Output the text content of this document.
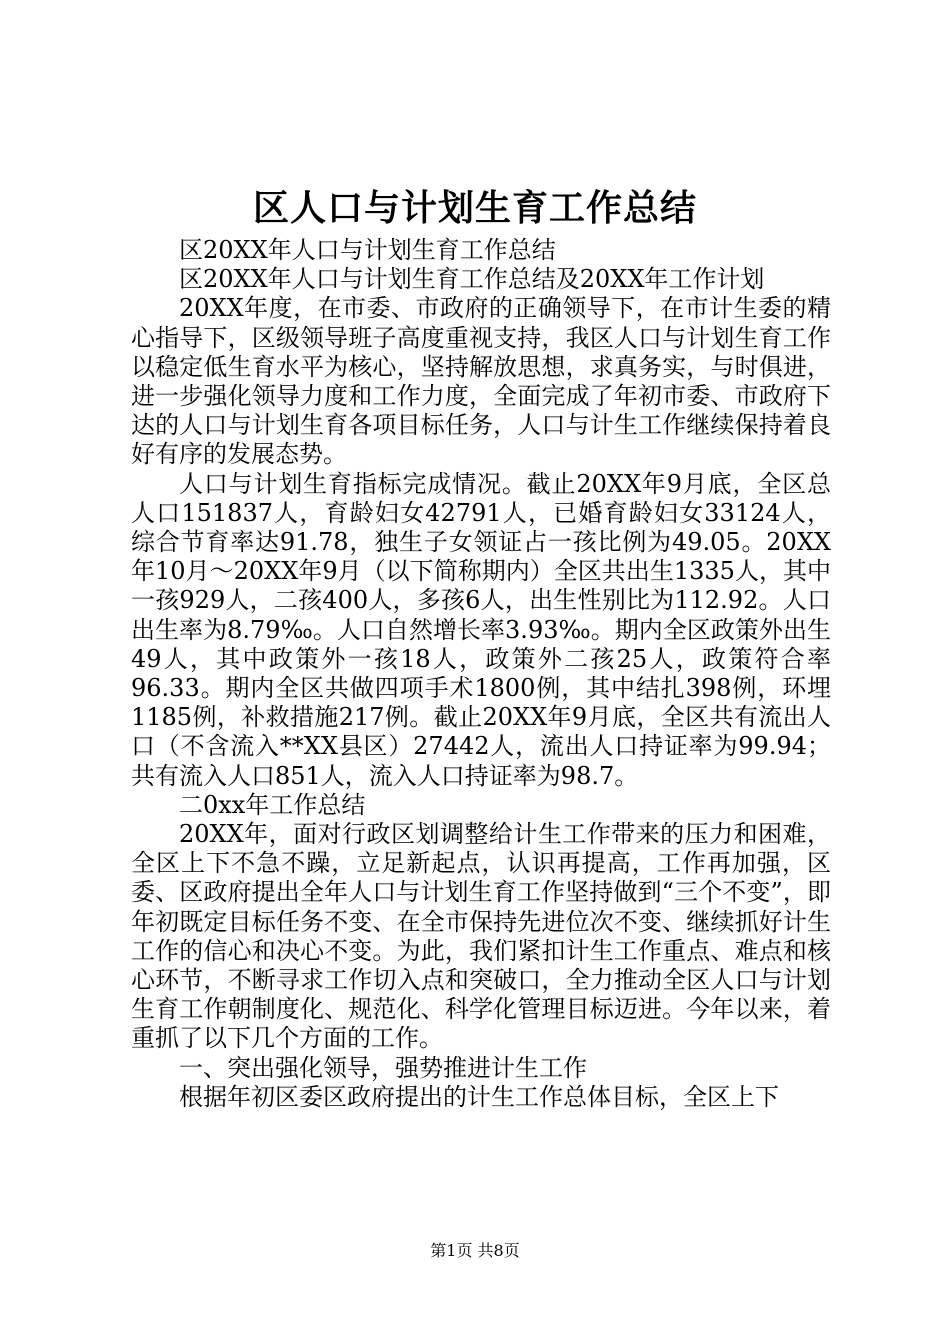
区人口与计划生育工作总结

区20XX年人口与计划生育工作总结

区20XX年人口与计划生育工作总结及20XX年工作计划

20XX年度，在市委、市政府的正确领导下，在市计生委的精心指导下，区级领导班子高度重视支持，我区人口与计划生育工作以稳定低生育水平为核心，坚持解放思想，求真务实，与时俱进，进一步强化领导力度和工作力度，全面完成了年初市委、市政府下达的人口与计划生育各项目标任务，人口与计生工作继续保持着良好有序的发展态势。

人口与计划生育指标完成情况。截止20XX年9月底，全区总人口151837人，育龄妇女42791人，已婚育龄妇女33124人，综合节育率达91.78，独生子女领证占一孩比例为49.05。20XX年10月～20XX年9月（以下简称期内）全区共出生1335人，其中一孩929人，二孩400人，多孩6人，出生性别比为112.92。人口出生率为8.79‰。人口自然增长率3.93‰。期内全区政策外出生49人，其中政策外一孩18人，政策外二孩25人，政策符合率96.33。期内全区共做四项手术1800例，其中结扎398例，环埋1185例，补救措施217例。截止20XX年9月底，全区共有流出人口（不含流入**XX县区）27442人，流出人口持证率为99.94；共有流入人口851人，流入人口持证率为98.7。

二0xx年工作总结

20XX年，面对行政区划调整给计生工作带来的压力和困难，全区上下不急不躁，立足新起点，认识再提高，工作再加强，区委、区政府提出全年人口与计划生育工作坚持做到“三个不变”，即年初既定目标任务不变、在全市保持先进位次不变、继续抓好计生工作的信心和决心不变。为此，我们紧扣计生工作重点、难点和核心环节，不断寻求工作切入点和突破口，全力推动全区人口与计划生育工作朝制度化、规范化、科学化管理目标迈进。今年以来，着重抓了以下几个方面的工作。

一、突出强化领导，强势推进计生工作

根据年初区委区政府提出的计生工作总体目标，全区上下

第1页 共8页
